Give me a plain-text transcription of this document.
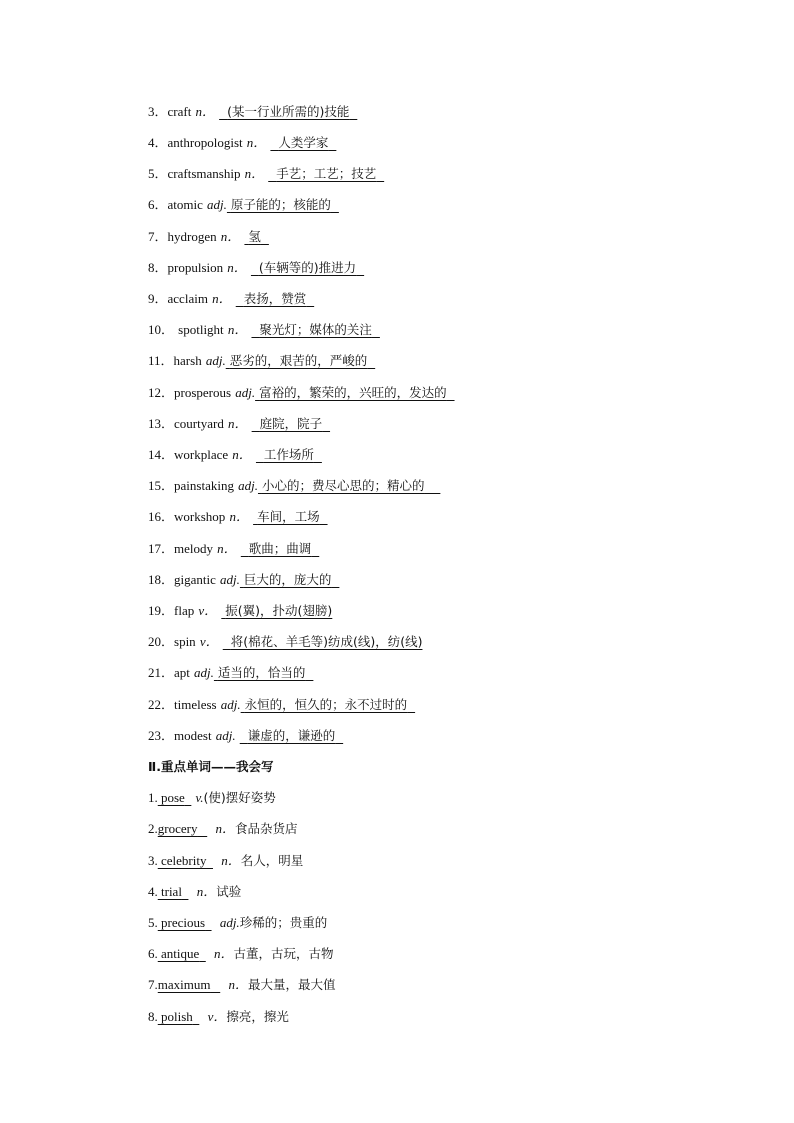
3．craft n． (某一行业所需的)技能
4．anthropologist n． 人类学家
5．craftsmanship n． 手艺；工艺；技艺
6．atomic adj. 原子能的；核能的
7．hydrogen n． 氢
8．propulsion n． (车辆等的)推进力
9．acclaim n． 表扬，赞赏
10． spotlight n． 聚光灯；媒体的关注
11．harsh adj. 恶劣的，艰苦的，严峻的
12．prosperous adj. 富裕的，繁荣的，兴旺的，发达的
13．courtyard n． 庭院，院子
14．workplace n． 工作场所
15．painstaking adj. 小心的；费尽心思的；精心的
16．workshop n． 车间，工场
17．melody n． 歌曲；曲调
18．gigantic adj. 巨大的，庞大的
19．flap v． 振(翼)，扑动(翅膀)
20．spin v． 将(棉花、羊毛等)纺成(线)，纺(线)
21．apt adj. 适当的，恰当的
22．timeless adj. 永恒的，恒久的；永不过时的
23．modest adj. 谦虚的，谦逊的
Ⅱ.重点单词——我会写
1. pose v.(使)摆好姿势
2.grocery n．食品杂货店
3. celebrity n．名人，明星
4. trial n．试验
5. precious adj.珍稀的；贵重的
6. antique n．古董，古玩，古物
7.maximum n．最大量，最大值
8. polish v．擦亮，擦光
